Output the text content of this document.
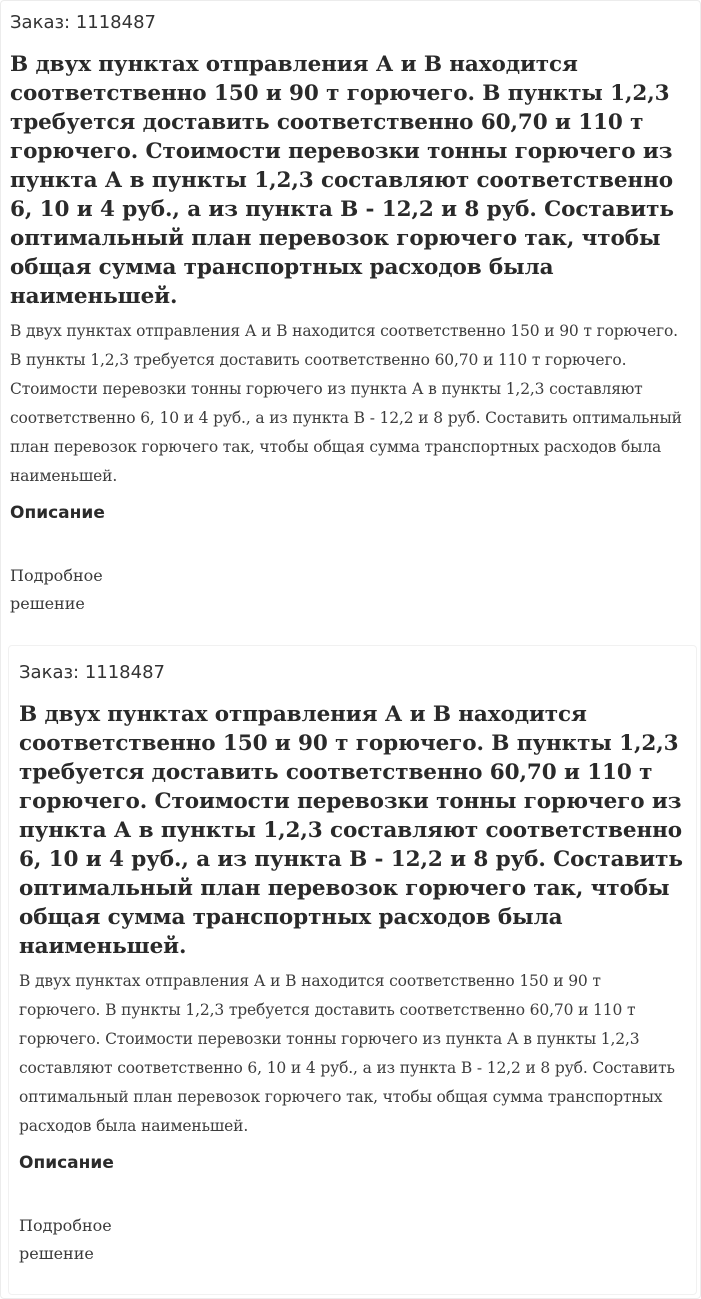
Заказ: 1118487
В двух пунктах отправления А и В находится соответственно 150 и 90 т горючего. В пункты 1,2,3 требуется доставить соответственно 60,70 и 110 т горючего. Стоимости перевозки тонны горючего из пункта А в пункты 1,2,3 составляют соответственно 6, 10 и 4 руб., а из пункта В - 12,2 и 8 руб. Составить оптимальный план перевозок горючего так, чтобы общая сумма транспортных расходов была наименьшей.

В двух пунктах отправления А и В находится соответственно 150 и 90 т горючего. В пункты 1,2,3 требуется доставить соответственно 60,70 и 110 т горючего. Стоимости перевозки тонны горючего из пункта А в пункты 1,2,3 составляют соответственно 6, 10 и 4 руб., а из пункта В - 12,2 и 8 руб. Составить оптимальный план перевозок горючего так, чтобы общая сумма транспортных расходов была наименьшей.

Описание
Подробное решение
Заказ: 1118487
В двух пунктах отправления А и В находится соответственно 150 и 90 т горючего. В пункты 1,2,3 требуется доставить соответственно 60,70 и 110 т горючего. Стоимости перевозки тонны горючего из пункта А в пункты 1,2,3 составляют соответственно 6, 10 и 4 руб., а из пункта В - 12,2 и 8 руб. Составить оптимальный план перевозок горючего так, чтобы общая сумма транспортных расходов была наименьшей.

В двух пунктах отправления А и В находится соответственно 150 и 90 т горючего. В пункты 1,2,3 требуется доставить соответственно 60,70 и 110 т горючего. Стоимости перевозки тонны горючего из пункта А в пункты 1,2,3 составляют соответственно 6, 10 и 4 руб., а из пункта В - 12,2 и 8 руб. Составить оптимальный план перевозок горючего так, чтобы общая сумма транспортных расходов была наименьшей.

Описание
Подробное решение
